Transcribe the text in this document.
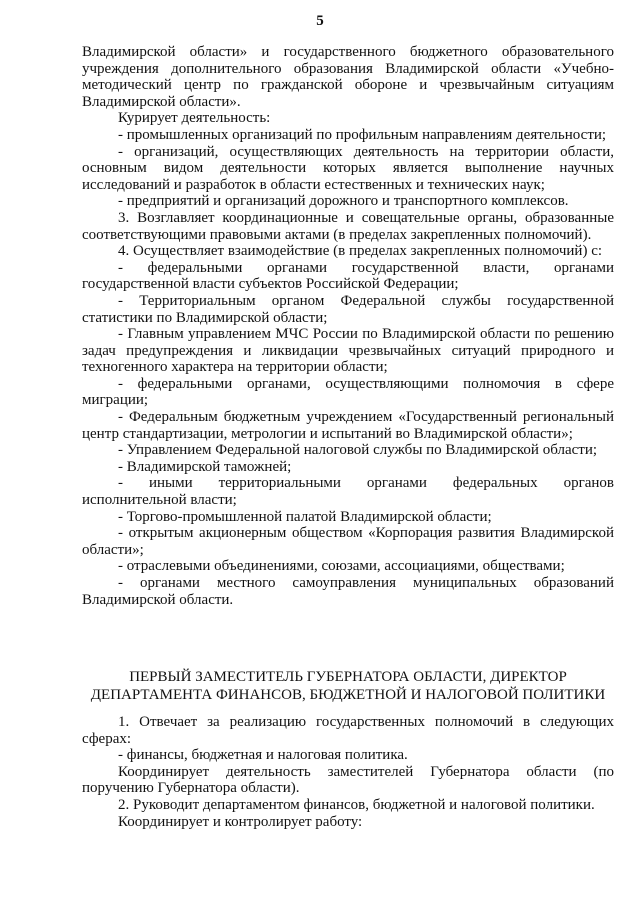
5

Владимирской области» и государственного бюджетного образовательного

учреждения дополнительного образования Владимирской области «Учебно-

методический центр по гражданской обороне и чрезвычайным ситуациям

Владимирской области».

Курирует деятельность:

- промышленных организаций по профильным направлениям деятельности;

- организаций, осуществляющих деятельность на территории области,

основным видом деятельности которых является выполнение научных

исследований и разработок в области естественных и технических наук;

- предприятий и организаций дорожного и транспортного комплексов.

3. Возглавляет координационные и совещательные органы, образованные

соответствующими правовыми актами (в пределах закрепленных полномочий).

4. Осуществляет взаимодействие (в пределах закрепленных полномочий) с:

- федеральными органами государственной власти, органами

государственной власти субъектов Российской Федерации;

- Территориальным органом Федеральной службы государственной

статистики по Владимирской области;

- Главным управлением МЧС России по Владимирской области по решению

задач предупреждения и ликвидации чрезвычайных ситуаций природного и

техногенного характера на территории области;

- федеральными органами, осуществляющими полномочия в сфере

миграции;

- Федеральным бюджетным учреждением «Государственный региональный

центр стандартизации, метрологии и испытаний во Владимирской области»;

- Управлением Федеральной налоговой службы по Владимирской области;

- Владимирской таможней;

- иными территориальными органами федеральных органов

исполнительной власти;

- Торгово-промышленной палатой Владимирской области;

- открытым акционерным обществом «Корпорация развития Владимирской

области»;

- отраслевыми объединениями, союзами, ассоциациями, обществами;

- органами местного самоуправления муниципальных образований

Владимирской области.

ПЕРВЫЙ ЗАМЕСТИТЕЛЬ ГУБЕРНАТОРА ОБЛАСТИ, ДИРЕКТОР
ДЕПАРТАМЕНТА ФИНАНСОВ, БЮДЖЕТНОЙ И НАЛОГОВОЙ ПОЛИТИКИ

1. Отвечает за реализацию государственных полномочий в следующих

сферах:

- финансы, бюджетная и налоговая политика.

Координирует деятельность заместителей Губернатора области (по

поручению Губернатора области).

2. Руководит департаментом финансов, бюджетной и налоговой политики.

Координирует и контролирует работу:
